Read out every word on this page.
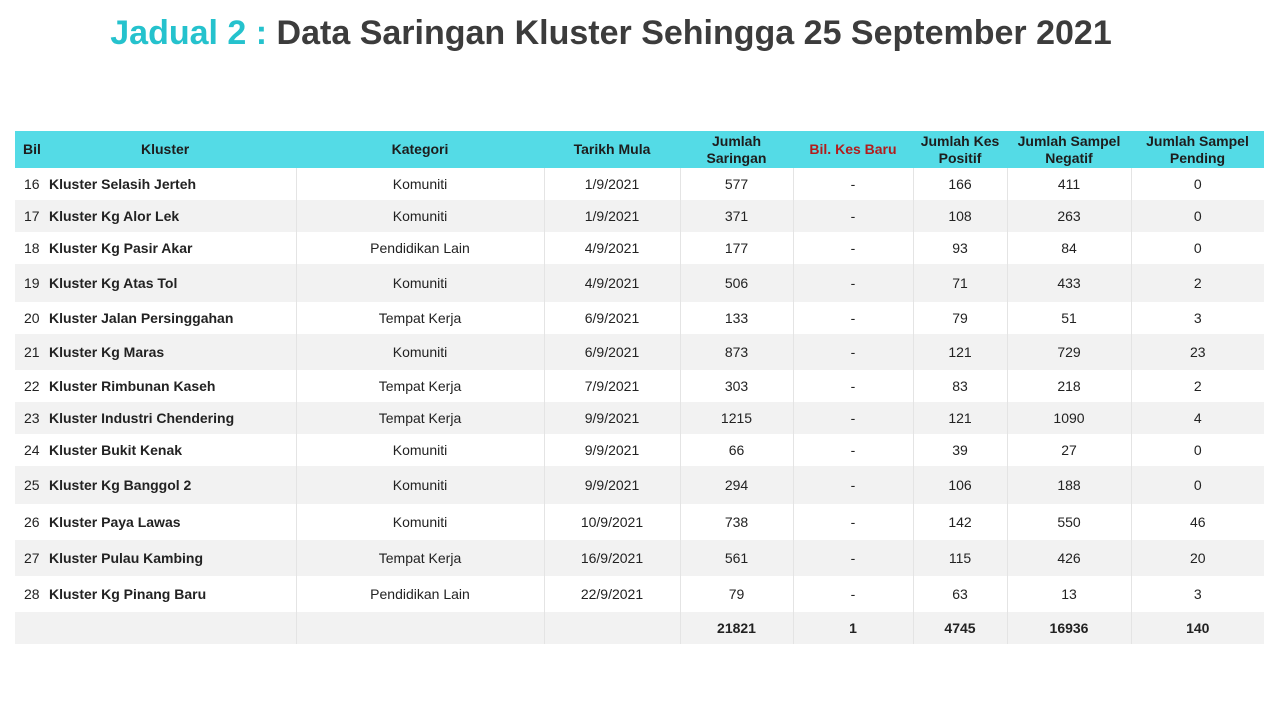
Jadual 2 : Data Saringan Kluster Sehingga 25 September 2021
Bil Kluster	Kategori	Tarikh Mula	Jumlah Saringan	Bil. Kes Baru	Jumlah Kes Positif	Jumlah Sampel Negatif	Jumlah Sampel Pending
16 Kluster Selasih Jerteh	Komuniti	1/9/2021	577	-	166	411	0
17 Kluster Kg Alor Lek	Komuniti	1/9/2021	371	-	108	263	0
18 Kluster Kg Pasir Akar	Pendidikan Lain	4/9/2021	177	-	93	84	0
19 Kluster Kg Atas Tol	Komuniti	4/9/2021	506	-	71	433	2
20 Kluster Jalan Persinggahan	Tempat Kerja	6/9/2021	133	-	79	51	3
21 Kluster Kg Maras	Komuniti	6/9/2021	873	-	121	729	23
22 Kluster Rimbunan Kaseh	Tempat Kerja	7/9/2021	303	-	83	218	2
23 Kluster Industri Chendering	Tempat Kerja	9/9/2021	1215	-	121	1090	4
24 Kluster Bukit Kenak	Komuniti	9/9/2021	66	-	39	27	0
25 Kluster Kg Banggol 2	Komuniti	9/9/2021	294	-	106	188	0
26 Kluster Paya Lawas	Komuniti	10/9/2021	738	-	142	550	46
27 Kluster Pulau Kambing	Tempat Kerja	16/9/2021	561	-	115	426	20
28 Kluster Kg Pinang Baru	Pendidikan Lain	22/9/2021	79	-	63	13	3
			21821	1	4745	16936	140
